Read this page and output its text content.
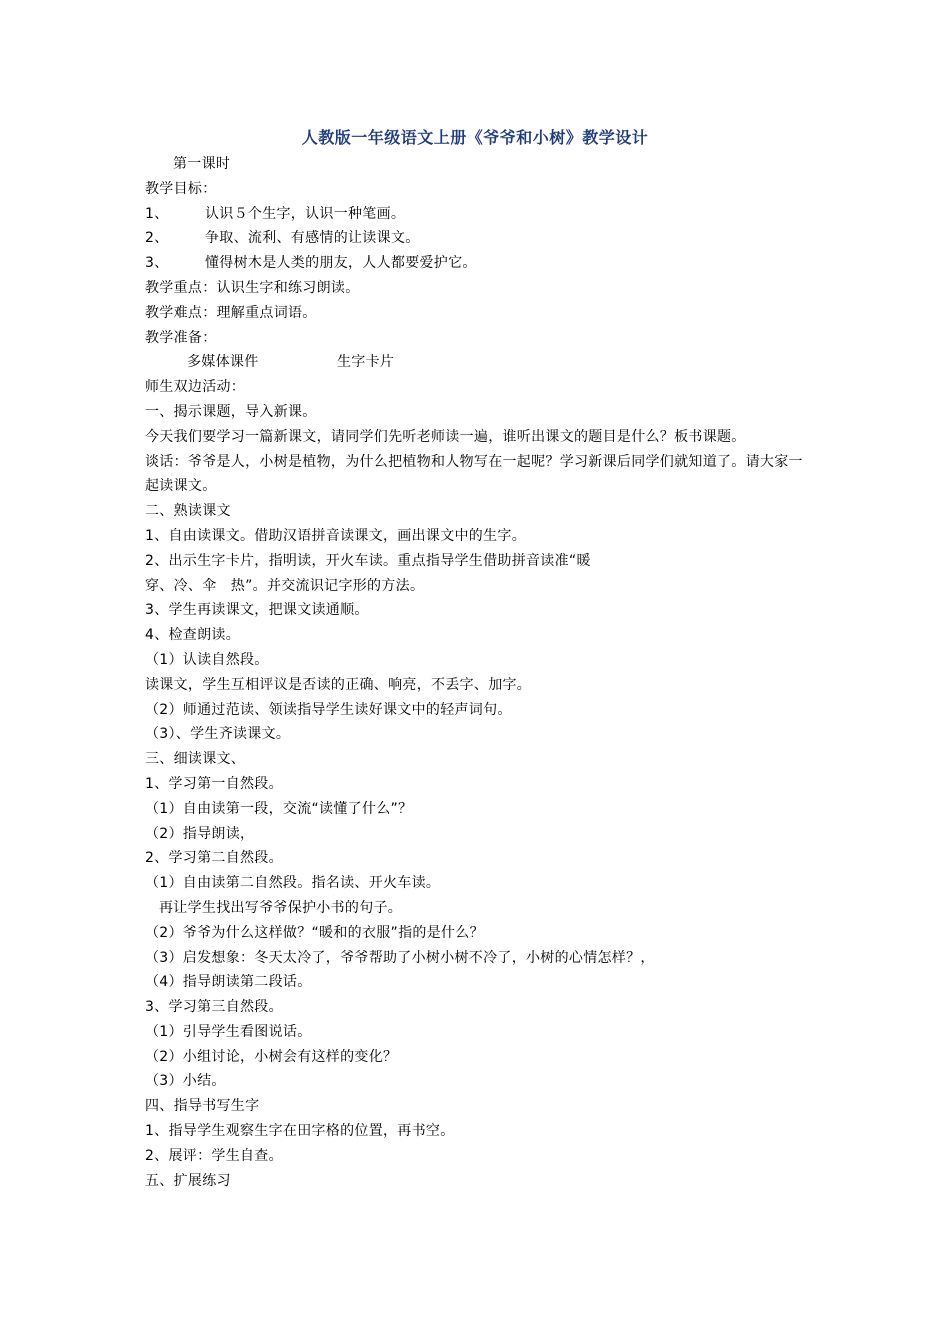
人教版一年级语文上册《爷爷和小树》教学设计
第一课时
教学目标：
1、	认识５个生字，认识一种笔画。
2、	争取、流利、有感情的让读课文。
3、	懂得树木是人类的朋友，人人都要爱护它。
教学重点：认识生字和练习朗读。
教学难点：理解重点词语。
教学准备：
多媒体课件	生字卡片
师生双边活动：
一、揭示课题，导入新课。
今天我们要学习一篇新课文，请同学们先听老师读一遍，谁听出课文的题目是什么？板书课题。
谈话：爷爷是人，小树是植物，为什么把植物和人物写在一起呢？学习新课后同学们就知道了。请大家一起读课文。
二、熟读课文
1、自由读课文。借助汉语拼音读课文，画出课文中的生字。
2、出示生字卡片，指明读，开火车读。重点指导学生借助拼音读准“暖
穿、冷、伞　热”。并交流识记字形的方法。
3、学生再读课文，把课文读通顺。
4、检查朗读。
（1）认读自然段。
读课文，学生互相评议是否读的正确、响亮，不丢字、加字。
（2）师通过范读、领读指导学生读好课文中的轻声词句。
（3）、学生齐读课文。
三、细读课文、
1、学习第一自然段。
（1）自由读第一段，交流“读懂了什么”？
（2）指导朗读，
2、学习第二自然段。
（1）自由读第二自然段。指名读、开火车读。
再让学生找出写爷爷保护小书的句子。
（2）爷爷为什么这样做？“暖和的衣服”指的是什么？
（3）启发想象：冬天太冷了，爷爷帮助了小树小树不冷了，小树的心情怎样？，
（4）指导朗读第二段话。
3、学习第三自然段。
（1）引导学生看图说话。
（2）小组讨论，小树会有这样的变化？
（3）小结。
四、指导书写生字
1、指导学生观察生字在田字格的位置，再书空。
2、展评：学生自查。
五、扩展练习
